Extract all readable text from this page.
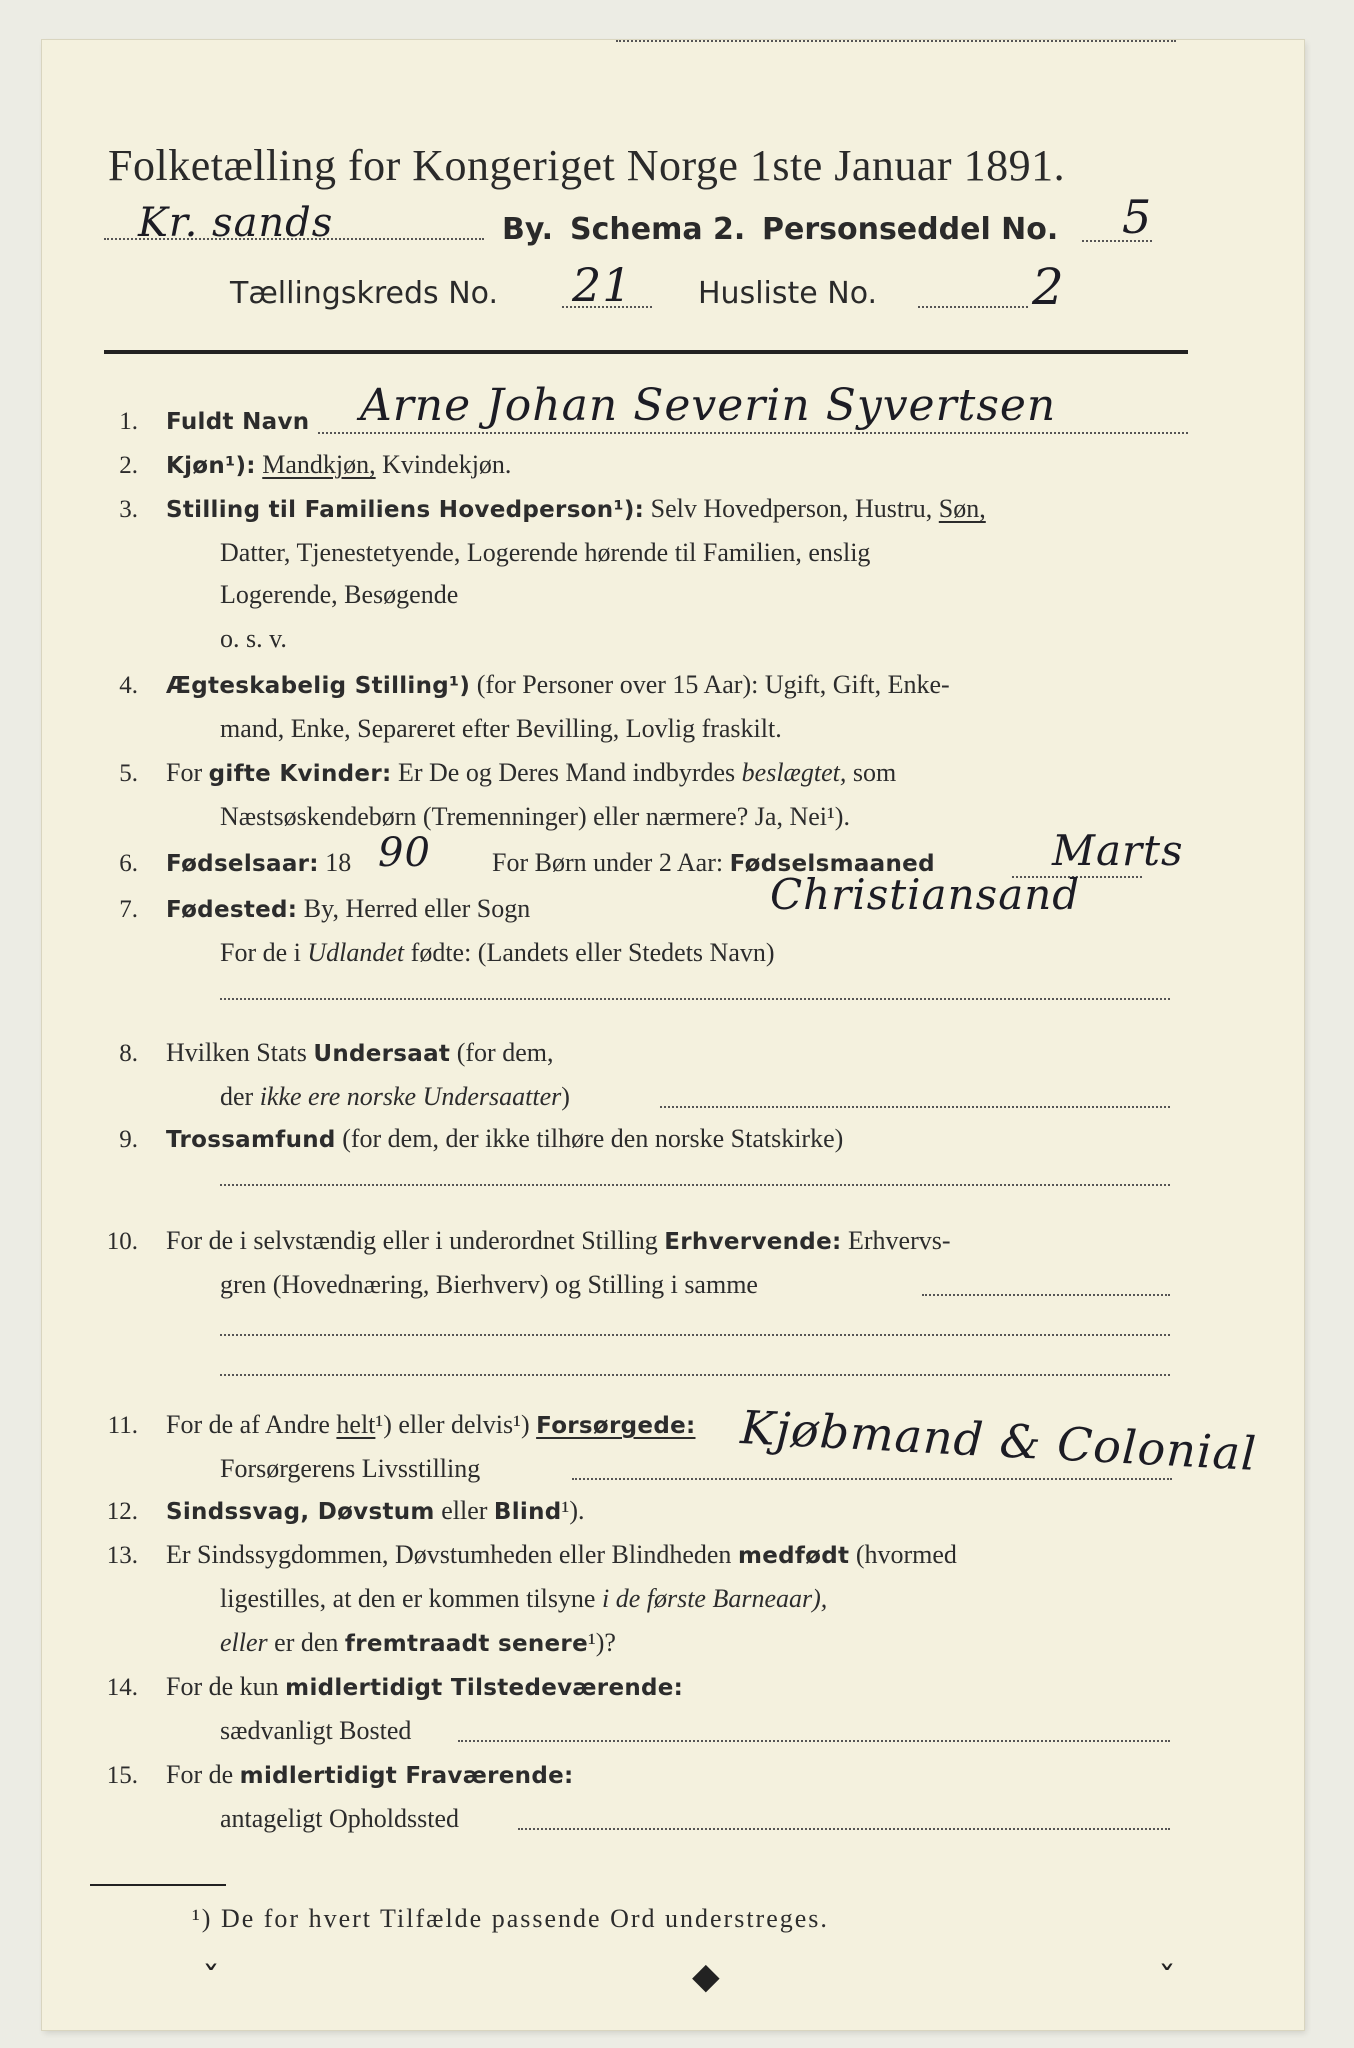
Folketælling for Kongeriget Norge 1ste Januar 1891.
Kr. sands	By. Schema 2. Personseddel No. 5
Tællingskreds No. 21 Husliste No.	2
1. Fuldt Navn Arne Johan Severin Syvertsen
2. Kjøn¹): Mandkjøn, Kvindekjøn.
3. Stilling til Familiens Hovedperson¹): Selv Hovedperson, Hustru, Søn,
Datter, Tjenestetyende, Logerende hørende til Familien, enslig
Logerende, Besøgende
o. s. v.
4. Ægteskabelig Stilling¹) (for Personer over 15 Aar): Ugift, Gift, Enke-
mand, Enke, Separeret efter Bevilling, Lovlig fraskilt.
5. For gifte Kvinder: Er De og Deres Mand indbyrdes beslægtet, som
Næstsøskendebørn (Tremenninger) eller nærmere? Ja, Nei¹).
6. Fødselsaar: 18 90 For Børn under 2 Aar: Fødselsmaaned	Marts
7. Fødested: By, Herred eller Sogn	Christiansand
For de i Udlandet fødte: (Landets eller Stedets Navn)
8. Hvilken Stats Undersaat (for dem,
der ikke ere norske Undersaatter)
9. Trossamfund (for dem, der ikke tilhøre den norske Statskirke)
10. For de i selvstændig eller i underordnet Stilling Erhvervende: Erhvervs-
gren (Hovednæring, Bierhverv) og Stilling i samme
11. For de af Andre helt¹) eller delvis¹) Forsørgede:
Forsørgerens Livsstilling	Kjøbmand & Colonial
12. Sindssvag, Døvstum eller Blind¹).
13. Er Sindssygdommen, Døvstumheden eller Blindheden medfødt (hvormed
ligestilles, at den er kommen tilsyne i de første Barneaar),
eller er den fremtraadt senere¹)?
14. For de kun midlertidigt Tilstedeværende:
sædvanligt Bosted
15. For de midlertidigt Fraværende:
antageligt Opholdssted
¹) De for hvert Tilfælde passende Ord understreges.
ˇ	◆	ˇ
